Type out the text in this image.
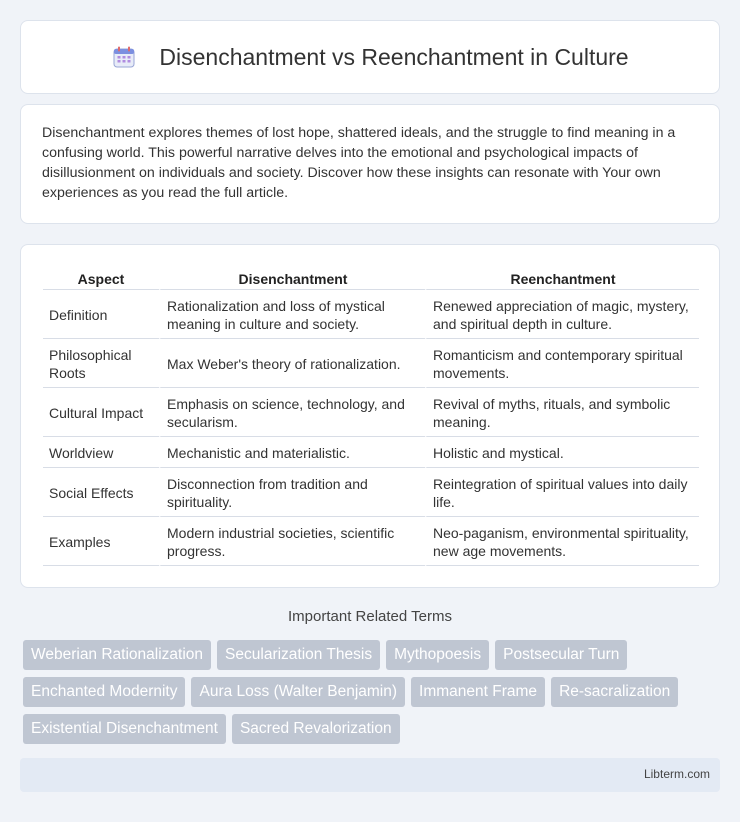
Disenchantment vs Reenchantment in Culture

Disenchantment explores themes of lost hope, shattered ideals, and the struggle to find meaning in a confusing world. This powerful narrative delves into the emotional and psychological impacts of disillusionment on individuals and society. Discover how these insights can resonate with Your own experiences as you read the full article.

Aspect	Disenchantment	Reenchantment
Definition	Rationalization and loss of mystical meaning in culture and society.	Renewed appreciation of magic, mystery, and spiritual depth in culture.
Philosophical Roots	Max Weber's theory of rationalization.	Romanticism and contemporary spiritual movements.
Cultural Impact	Emphasis on science, technology, and secularism.	Revival of myths, rituals, and symbolic meaning.
Worldview	Mechanistic and materialistic.	Holistic and mystical.
Social Effects	Disconnection from tradition and spirituality.	Reintegration of spiritual values into daily life.
Examples	Modern industrial societies, scientific progress.	Neo-paganism, environmental spirituality, new age movements.
Important Related Terms
Weberian Rationalization	Secularization Thesis	Mythopoesis	Postsecular Turn
Enchanted Modernity	Aura Loss (Walter Benjamin)	Immanent Frame	Re-sacralization
Existential Disenchantment	Sacred Revalorization
Libterm.com
